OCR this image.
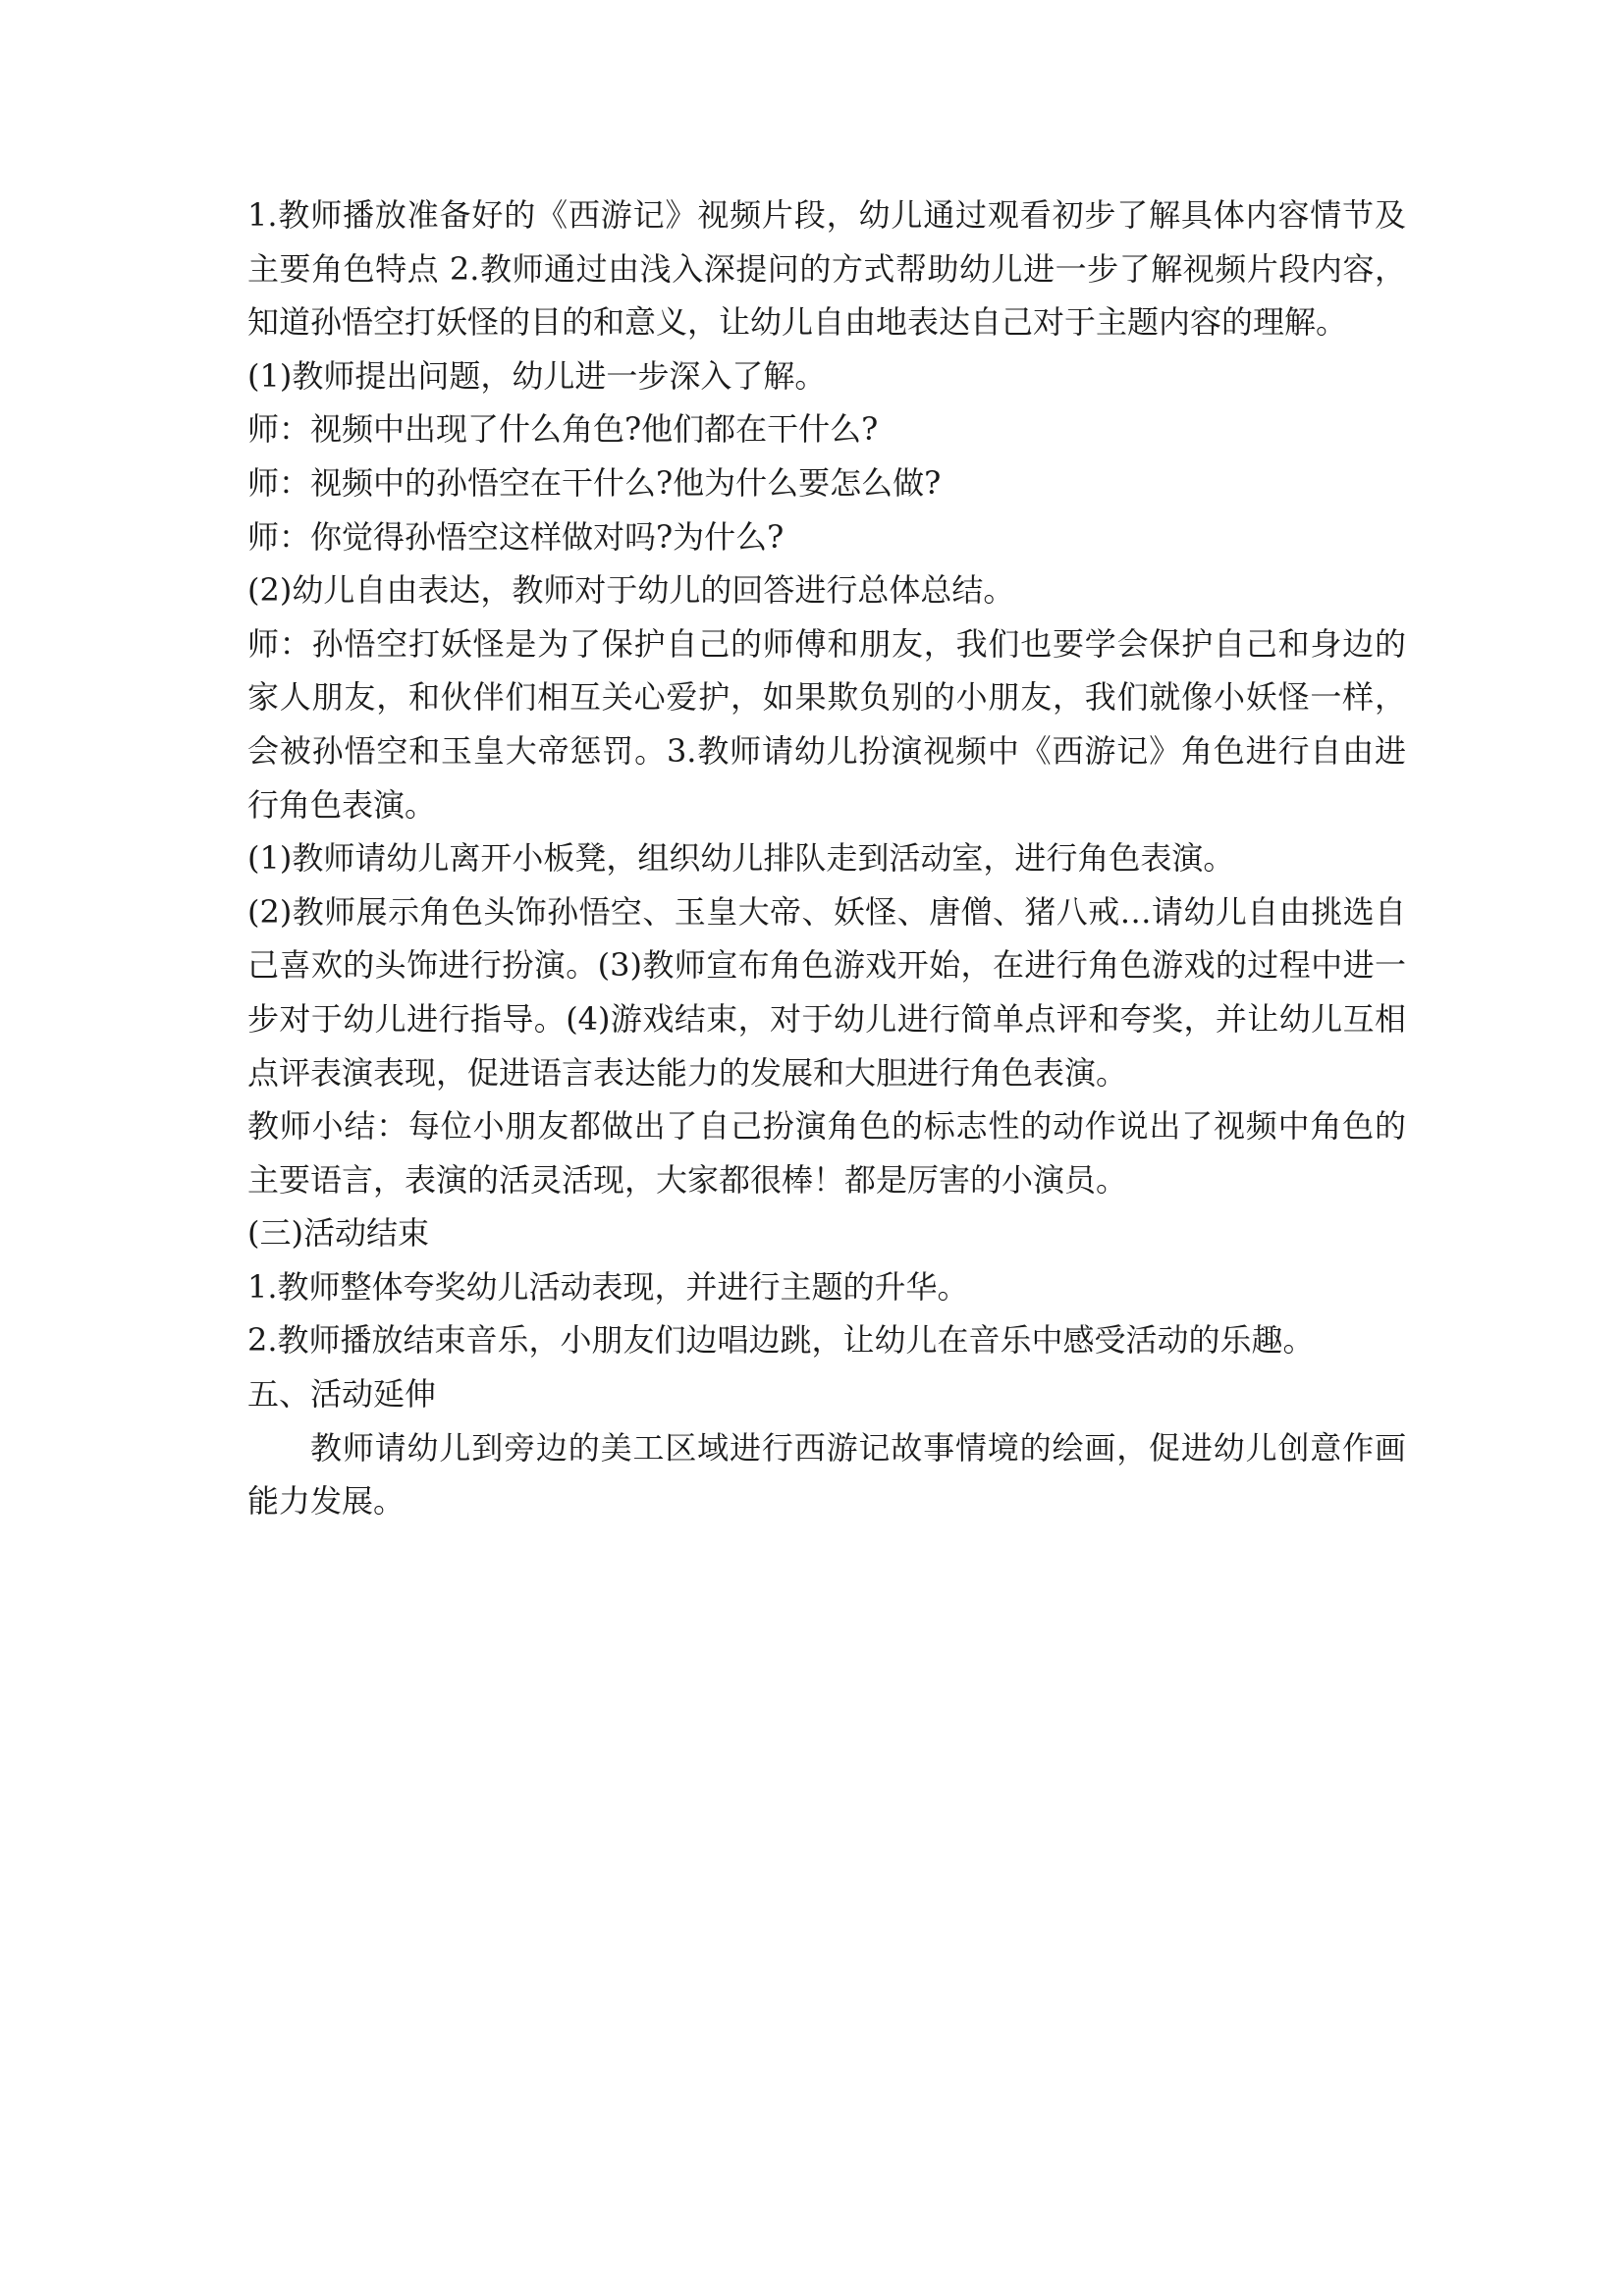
1.教师播放准备好的《西游记》视频片段，幼儿通过观看初步了解具体内容情节及主要角色特点 2.教师通过由浅入深提问的方式帮助幼儿进一步了解视频片段内容，知道孙悟空打妖怪的目的和意义，让幼儿自由地表达自己对于主题内容的理解。

(1)教师提出问题，幼儿进一步深入了解。

师：视频中出现了什么角色?他们都在干什么?

师：视频中的孙悟空在干什么?他为什么要怎么做?

师：你觉得孙悟空这样做对吗?为什么?

(2)幼儿自由表达，教师对于幼儿的回答进行总体总结。

师：孙悟空打妖怪是为了保护自己的师傅和朋友，我们也要学会保护自己和身边的家人朋友，和伙伴们相互关心爱护，如果欺负别的小朋友，我们就像小妖怪一样，会被孙悟空和玉皇大帝惩罚。3.教师请幼儿扮演视频中《西游记》角色进行自由进行角色表演。

(1)教师请幼儿离开小板凳，组织幼儿排队走到活动室，进行角色表演。

(2)教师展示角色头饰孙悟空、玉皇大帝、妖怪、唐僧、猪八戒…请幼儿自由挑选自己喜欢的头饰进行扮演。(3)教师宣布角色游戏开始，在进行角色游戏的过程中进一步对于幼儿进行指导。(4)游戏结束，对于幼儿进行简单点评和夸奖，并让幼儿互相点评表演表现，促进语言表达能力的发展和大胆进行角色表演。

教师小结：每位小朋友都做出了自己扮演角色的标志性的动作说出了视频中角色的主要语言，表演的活灵活现，大家都很棒！都是厉害的小演员。

(三)活动结束

1.教师整体夸奖幼儿活动表现，并进行主题的升华。

2.教师播放结束音乐，小朋友们边唱边跳，让幼儿在音乐中感受活动的乐趣。

五、活动延伸

教师请幼儿到旁边的美工区域进行西游记故事情境的绘画，促进幼儿创意作画能力发展。
